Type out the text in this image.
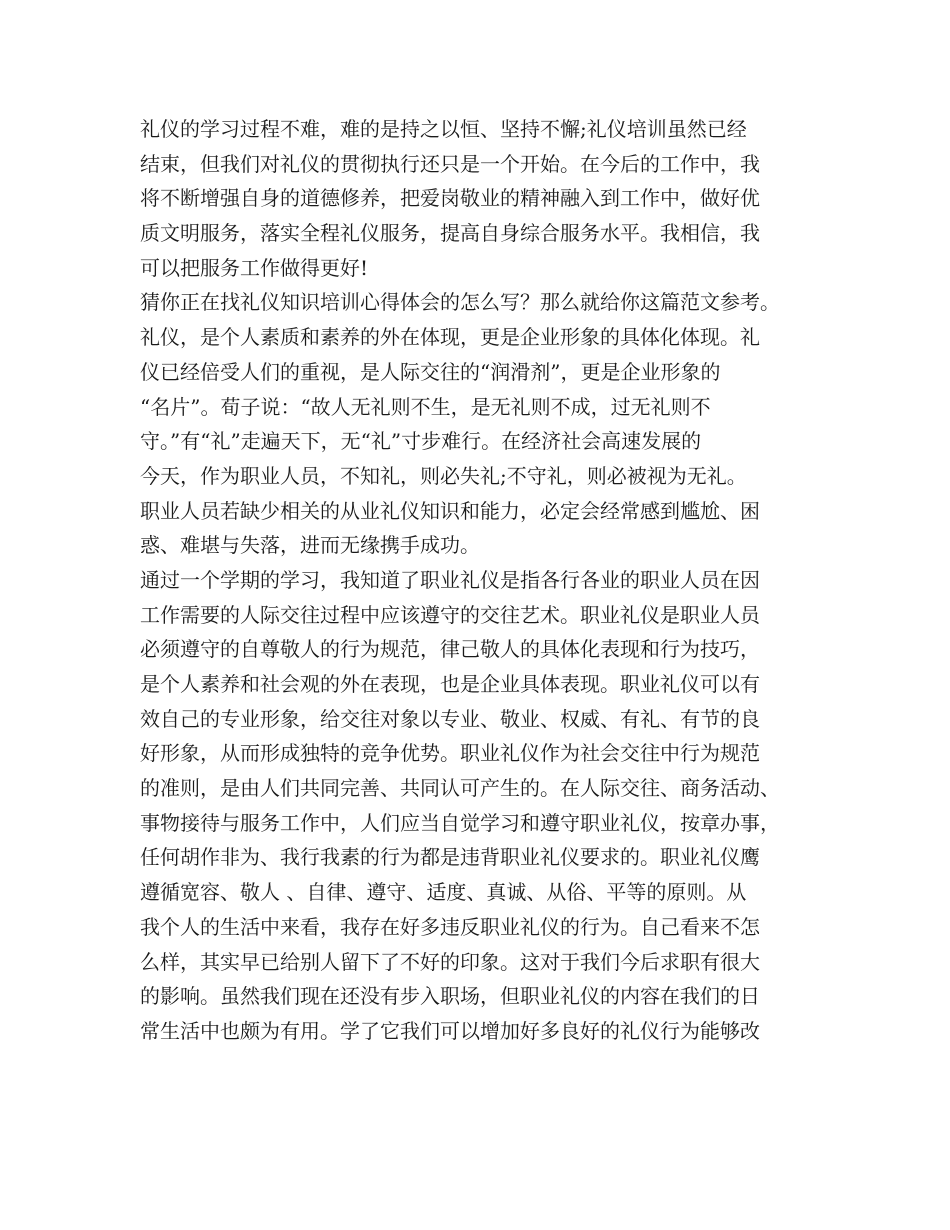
礼仪的学习过程不难，难的是持之以恒、坚持不懈;礼仪培训虽然已经
结束，但我们对礼仪的贯彻执行还只是一个开始。在今后的工作中，我
将不断增强自身的道德修养，把爱岗敬业的精神融入到工作中，做好优
质文明服务，落实全程礼仪服务，提高自身综合服务水平。我相信，我
可以把服务工作做得更好!
猜你正在找礼仪知识培训心得体会的怎么写？那么就给你这篇范文参考。
礼仪，是个人素质和素养的外在体现，更是企业形象的具体化体现。礼
仪已经倍受人们的重视，是人际交往的“润滑剂”，更是企业形象的
“名片”。荀子说：“故人无礼则不生，是无礼则不成，过无礼则不
守。”有“礼”走遍天下，无“礼”寸步难行。在经济社会高速发展的
今天，作为职业人员，不知礼，则必失礼;不守礼，则必被视为无礼。
职业人员若缺少相关的从业礼仪知识和能力，必定会经常感到尴尬、困
惑、难堪与失落，进而无缘携手成功。
通过一个学期的学习，我知道了职业礼仪是指各行各业的职业人员在因
工作需要的人际交往过程中应该遵守的交往艺术。职业礼仪是职业人员
必须遵守的自尊敬人的行为规范，律己敬人的具体化表现和行为技巧，
是个人素养和社会观的外在表现，也是企业具体表现。职业礼仪可以有
效自己的专业形象，给交往对象以专业、敬业、权威、有礼、有节的良
好形象，从而形成独特的竞争优势。职业礼仪作为社会交往中行为规范
的准则，是由人们共同完善、共同认可产生的。在人际交往、商务活动、
事物接待与服务工作中，人们应当自觉学习和遵守职业礼仪，按章办事，
任何胡作非为、我行我素的行为都是违背职业礼仪要求的。职业礼仪鹰
遵循宽容、敬人 、自律、遵守、适度、真诚、从俗、平等的原则。从
我个人的生活中来看，我存在好多违反职业礼仪的行为。自己看来不怎
么样，其实早已给别人留下了不好的印象。这对于我们今后求职有很大
的影响。虽然我们现在还没有步入职场，但职业礼仪的内容在我们的日
常生活中也颇为有用。学了它我们可以增加好多良好的礼仪行为能够改
